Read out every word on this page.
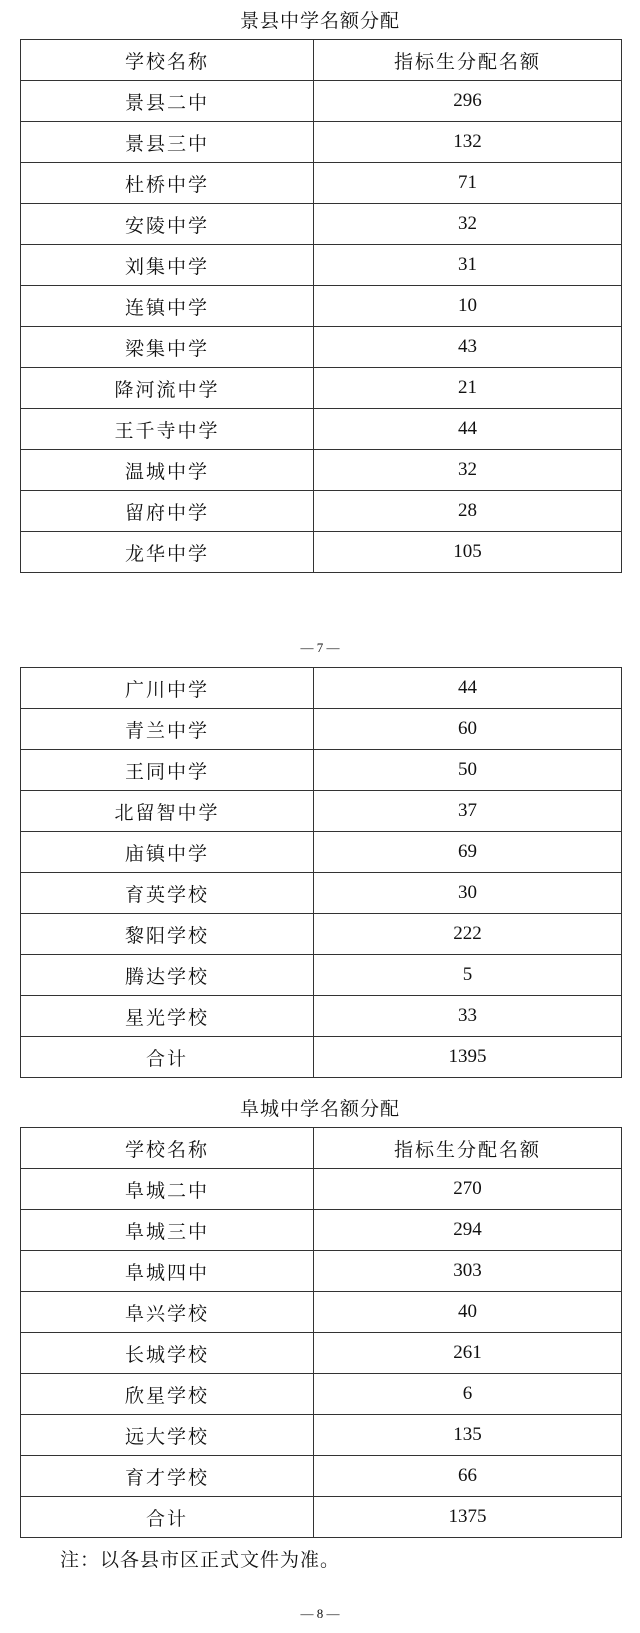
景县中学名额分配
学校名称	指标生分配名额
景县二中	296
景县三中	132
杜桥中学	71
安陵中学	32
刘集中学	31
连镇中学	10
梁集中学	43
降河流中学	21
王千寺中学	44
温城中学	32
留府中学	28
龙华中学	105
— 7 —
广川中学	44
青兰中学	60
王同中学	50
北留智中学	37
庙镇中学	69
育英学校	30
黎阳学校	222
腾达学校	5
星光学校	33
合计	1395
阜城中学名额分配
学校名称	指标生分配名额
阜城二中	270
阜城三中	294
阜城四中	303
阜兴学校	40
长城学校	261
欣星学校	6
远大学校	135
育才学校	66
合计	1375
注：以各县市区正式文件为准。
— 8 —
